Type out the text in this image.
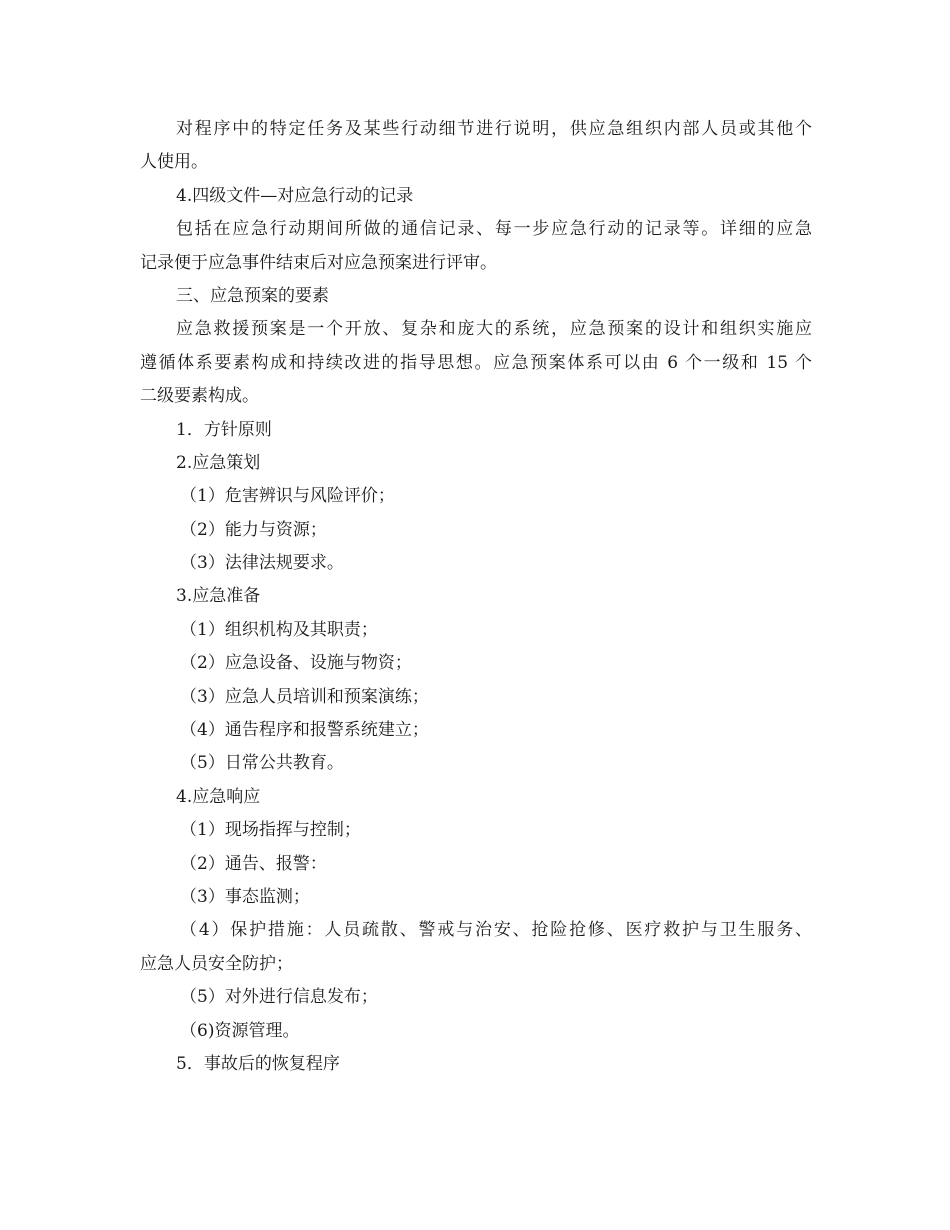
对程序中的特定任务及某些行动细节进行说明，供应急组织内部人员或其他个

人使用。

4.四级文件—对应急行动的记录

包括在应急行动期间所做的通信记录、每一步应急行动的记录等。详细的应急

记录便于应急事件结束后对应急预案进行评审。

三、应急预案的要素

应急救援预案是一个开放、复杂和庞大的系统，应急预案的设计和组织实施应

遵循体系要素构成和持续改进的指导思想。应急预案体系可以由 6 个一级和 15 个

二级要素构成。

1．方针原则

2.应急策划

（1）危害辨识与风险评价；

（2）能力与资源；

（3）法律法规要求。

3.应急准备

（1）组织机构及其职责；

（2）应急设备、设施与物资；

（3）应急人员培训和预案演练；

（4）通告程序和报警系统建立；

（5）日常公共教育。

4.应急响应

（1）现场指挥与控制；

（2）通告、报警：

（3）事态监测；

（4）保护措施：人员疏散、警戒与治安、抢险抢修、医疗救护与卫生服务、

应急人员安全防护；

（5）对外进行信息发布；

（6)资源管理。

5．事故后的恢复程序
